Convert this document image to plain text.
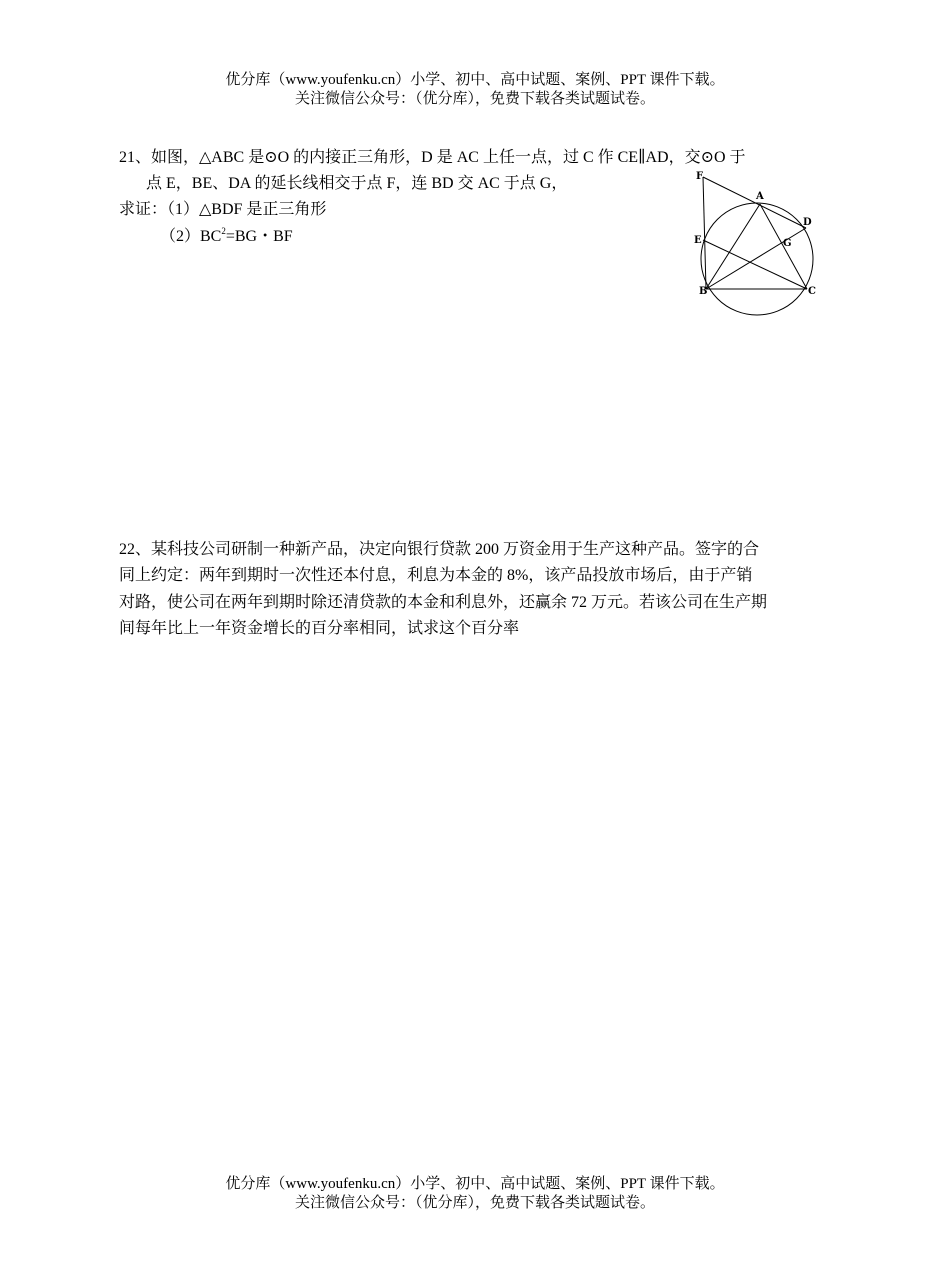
优分库（www.youfenku.cn）小学、初中、高中试题、案例、PPT 课件下载。
关注微信公众号：（优分库），免费下载各类试题试卷。
21、如图，△ABC 是⊙O 的内接正三角形，D 是 AC 上任一点，过 C 作 CE∥AD，交⊙O 于
点 E，BE、DA 的延长线相交于点 F，连 BD 交 AC 于点 G，
求证：（1）△BDF 是正三角形
$(2)BC^2=BG$・BF
F
A
D
E	G
B	C
22、某科技公司研制一种新产品，决定向银行贷款 200 万资金用于生产这种产品。签字的合
同上约定：两年到期时一次性还本付息，利息为本金的 8%，该产品投放市场后，由于产销
对路，使公司在两年到期时除还清贷款的本金和利息外，还赢余 72 万元。若该公司在生产期
间每年比上一年资金增长的百分率相同，试求这个百分率
优分库（www.youfenku.cn）小学、初中、高中试题、案例、PPT 课件下载。
关注微信公众号：（优分库），免费下载各类试题试卷。
